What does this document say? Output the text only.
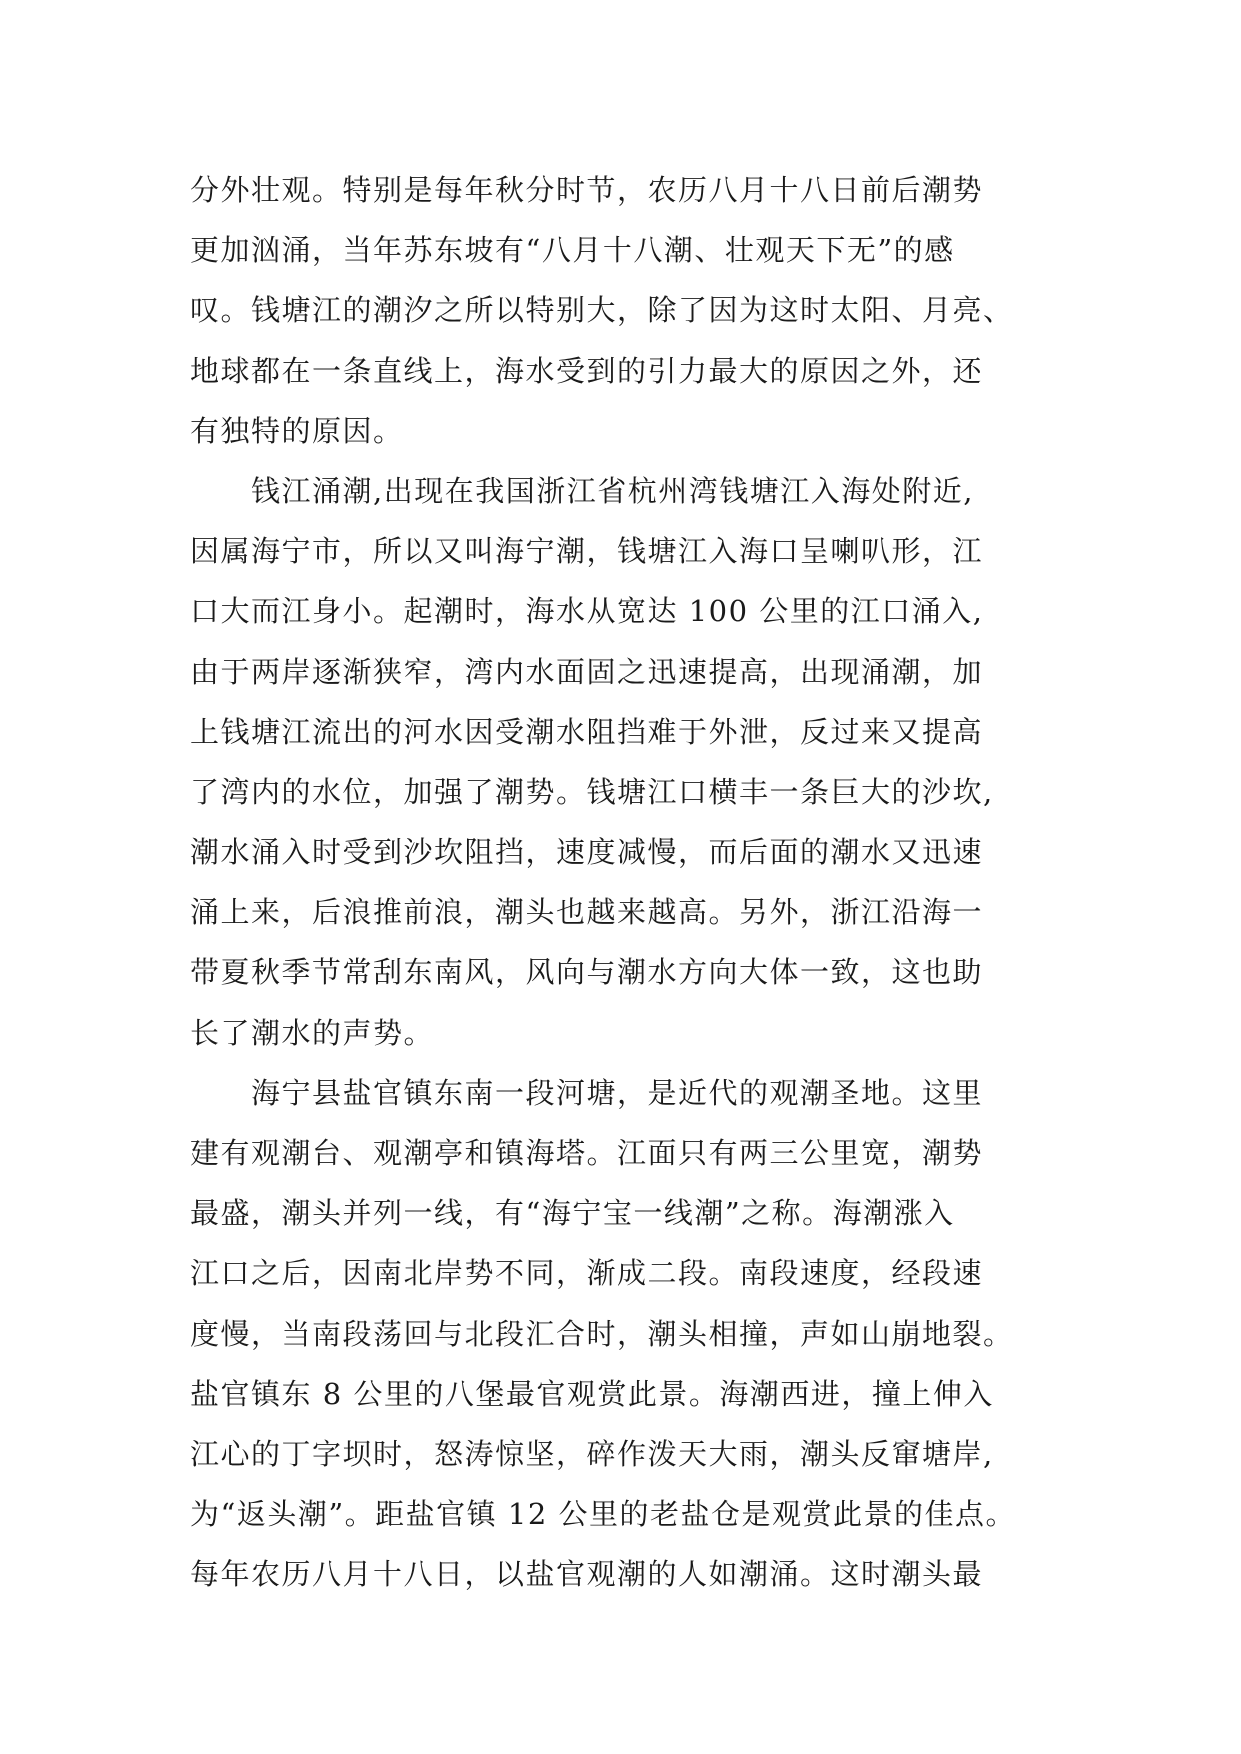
分外壮观。特别是每年秋分时节，农历八月十八日前后潮势
更加汹涌，当年苏东坡有“八月十八潮、壮观天下无”的感
叹。钱塘江的潮汐之所以特别大，除了因为这时太阳、月亮、
地球都在一条直线上，海水受到的引力最大的原因之外，还
有独特的原因。
　　钱江涌潮,出现在我国浙江省杭州湾钱塘江入海处附近,
因属海宁市，所以又叫海宁潮，钱塘江入海口呈喇叭形，江
口大而江身小。起潮时，海水从宽达 100 公里的江口涌入,
由于两岸逐渐狭窄，湾内水面固之迅速提高，出现涌潮，加
上钱塘江流出的河水因受潮水阻挡难于外泄，反过来又提高
了湾内的水位，加强了潮势。钱塘江口横丰一条巨大的沙坎,
潮水涌入时受到沙坎阻挡，速度减慢，而后面的潮水又迅速
涌上来，后浪推前浪，潮头也越来越高。另外，浙江沿海一
带夏秋季节常刮东南风，风向与潮水方向大体一致，这也助
长了潮水的声势。
　　海宁县盐官镇东南一段河塘，是近代的观潮圣地。这里
建有观潮台、观潮亭和镇海塔。江面只有两三公里宽，潮势
最盛，潮头并列一线，有“海宁宝一线潮”之称。海潮涨入
江口之后，因南北岸势不同，渐成二段。南段速度，经段速
度慢，当南段荡回与北段汇合时，潮头相撞，声如山崩地裂。
盐官镇东 8 公里的八堡最官观赏此景。海潮西进，撞上伸入
江心的丁字坝时，怒涛惊坚，碎作泼天大雨，潮头反窜塘岸,
为“返头潮”。距盐官镇 12 公里的老盐仓是观赏此景的佳点。
每年农历八月十八日，以盐官观潮的人如潮涌。这时潮头最
